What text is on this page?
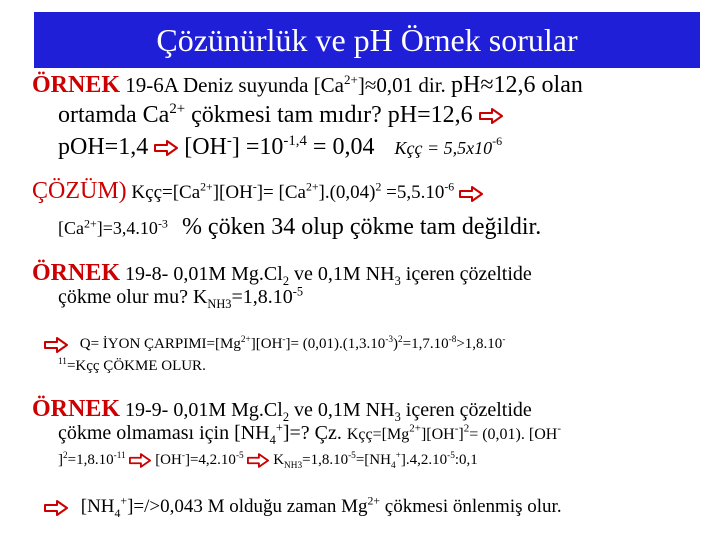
Çözünürlük ve pH Örnek sorular
ÖRNEK 19-6A Deniz suyunda $[Ca^{2+}]\approx 0,01$ dir. pH≈12,6 olan
ortamda $Ca^{2+}$ çökmesi tam mıdır? pH=12,6
pOH=1,4 $[OH^-] =10^{-1,4} = 0,04$ Kçç = $5,5x10^{-6}$
ÇÖZÜM) $Kçç=[Ca^{2+}][OH^-]= [Ca^{2+}].(0,04)^2 =5,5.10^{-6}$
$[Ca^{2+}]=3,4.10^{-3}$ % çöken 34 olup çökme tam değildir.
ÖRNEK 19-8- 0,01M $Mg.Cl_2$ ve 0,1M $NH_3$ içeren çözeltide
çökme olur mu? $K_{NH3}=1,8.10^{-5}$
Q= İYON $ÇARPIMI=[Mg^{2+}][OH^-]= (0,01).(1,3.10^{-3})^2=1,7.10^{-8}>1,8.10^-$
$^{11}$=Kçç ÇÖKME OLUR.
ÖRNEK 19-9- 0,01M $Mg.Cl_2$ ve 0,1M $NH_3$ içeren çözeltide
çökme olmaması için $[NH_4^+]=$? Çz. $Kçç=[Mg^{2+}][OH^-]^2= (0,01)$. [OH-
]$^2=1,8.10^{-11}$ $[OH^-]=4,2.10^{-5}$ $K_{NH3}=1,8.10^{-5}=[NH_4^+].4,2.10^{-5}:0,1$
$[NH_4^+]=/>0,043$ M olduğu zaman $Mg^{2+}$ çökmesi önlenmiş olur.
